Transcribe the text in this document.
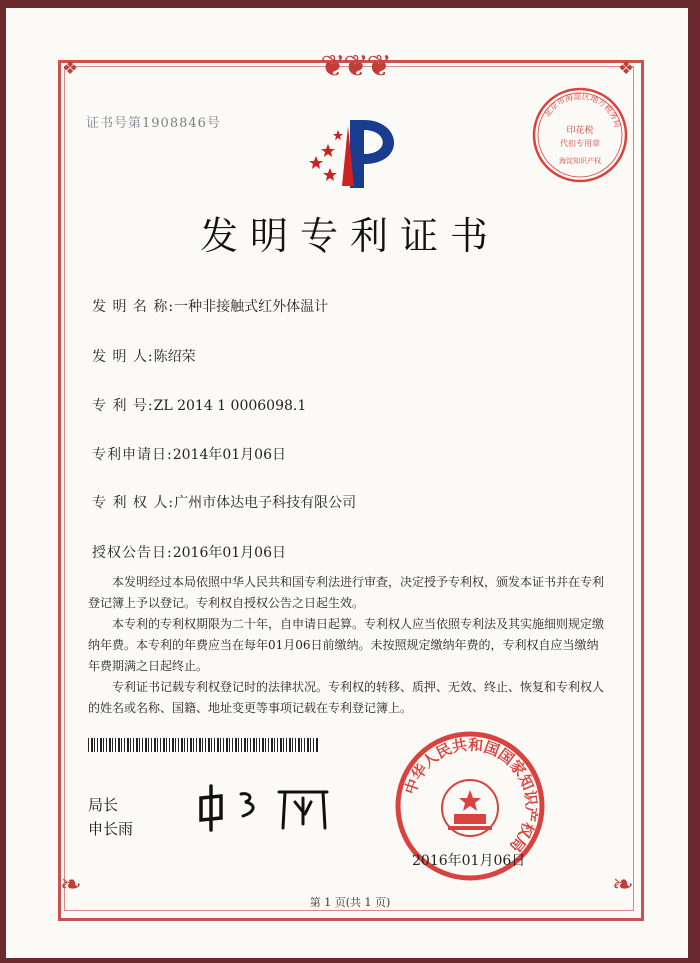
❦❦❦
❧	❧
❖	❖
证书号第1908846号
北京市海淀区地方税务局
印花税
代扣专用章
海淀知识产权
发明专利证书
发 明 名 称:一种非接触式红外体温计
发 明 人:陈绍荣
专 利 号:ZL 2014 1 0006098.1
专利申请日:2014年01月06日
专 利 权 人:广州市体达电子科技有限公司
授权公告日:2016年01月06日

本发明经过本局依照中华人民共和国专利法进行审查，决定授予专利权，颁发本证书并在专利登记簿上予以登记。专利权自授权公告之日起生效。

本专利的专利权期限为二十年，自申请日起算。专利权人应当依照专利法及其实施细则规定缴纳年费。本专利的年费应当在每年01月06日前缴纳。未按照规定缴纳年费的，专利权自应当缴纳年费期满之日起终止。

专利证书记载专利权登记时的法律状况。专利权的转移、质押、无效、终止、恢复和专利权人的姓名或名称、国籍、地址变更等事项记载在专利登记簿上。

局长
申长雨
中华人民共和国国家知识产权局
2016年01月06日
第 1 页(共 1 页)
